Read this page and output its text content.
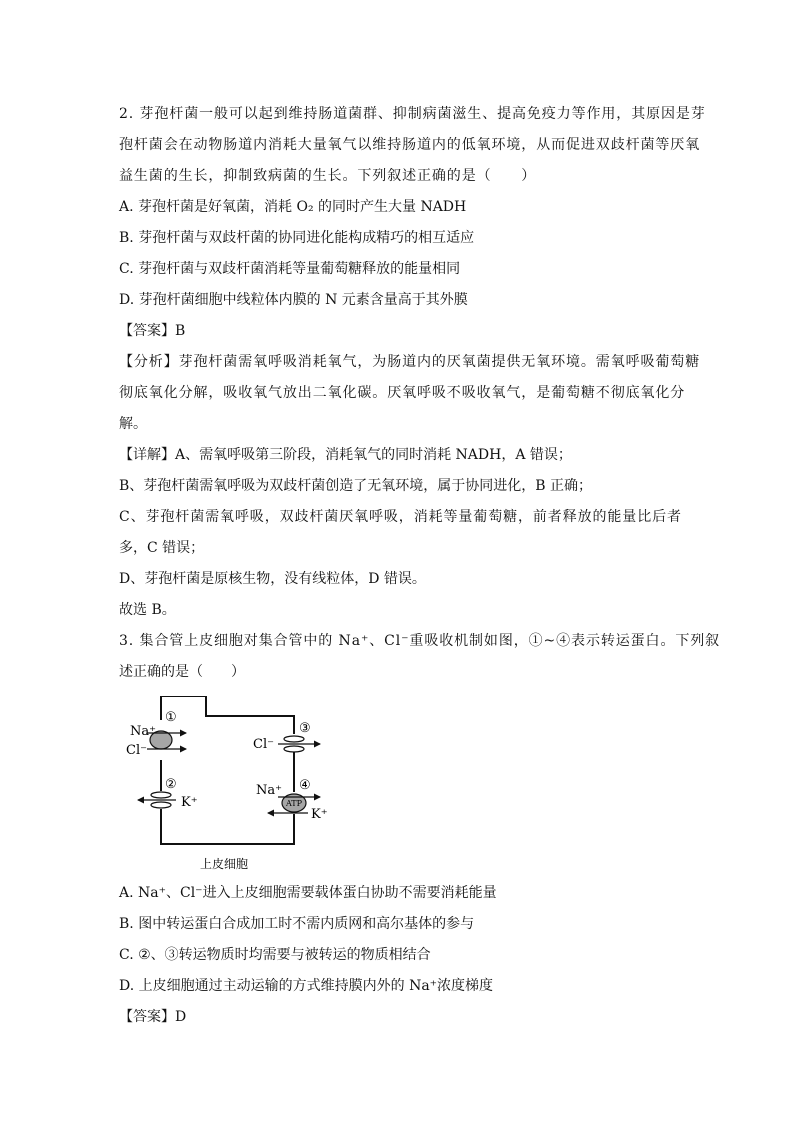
2. 芽孢杆菌一般可以起到维持肠道菌群、抑制病菌滋生、提高免疫力等作用，其原因是芽
孢杆菌会在动物肠道内消耗大量氧气以维持肠道内的低氧环境，从而促进双歧杆菌等厌氧
益生菌的生长，抑制致病菌的生长。下列叙述正确的是（　　）
A. 芽孢杆菌是好氧菌，消耗 O₂ 的同时产生大量 NADH
B. 芽孢杆菌与双歧杆菌的协同进化能构成精巧的相互适应
C. 芽孢杆菌与双歧杆菌消耗等量葡萄糖释放的能量相同
D. 芽孢杆菌细胞中线粒体内膜的 N 元素含量高于其外膜
【答案】B
【分析】芽孢杆菌需氧呼吸消耗氧气，为肠道内的厌氧菌提供无氧环境。需氧呼吸葡萄糖
彻底氧化分解，吸收氧气放出二氧化碳。厌氧呼吸不吸收氧气，是葡萄糖不彻底氧化分
解。
【详解】A、需氧呼吸第三阶段，消耗氧气的同时消耗 NADH，A 错误；
B、芽孢杆菌需氧呼吸为双歧杆菌创造了无氧环境，属于协同进化，B 正确；
C、芽孢杆菌需氧呼吸，双歧杆菌厌氧呼吸，消耗等量葡萄糖，前者释放的能量比后者
多，C 错误；
D、芽孢杆菌是原核生物，没有线粒体，D 错误。
故选 B。
3. 集合管上皮细胞对集合管中的 Na⁺、Cl⁻重吸收机制如图，①~④表示转运蛋白。下列叙
述正确的是（　　）
Na⁺
Cl⁻
①
②
K⁺
③
Cl⁻
ATP
Na⁺ ④
K⁺
上皮细胞
A. Na⁺、Cl⁻进入上皮细胞需要载体蛋白协助不需要消耗能量
B. 图中转运蛋白合成加工时不需内质网和高尔基体的参与
C. ②、③转运物质时均需要与被转运的物质相结合
D. 上皮细胞通过主动运输的方式维持膜内外的 Na⁺浓度梯度
【答案】D
